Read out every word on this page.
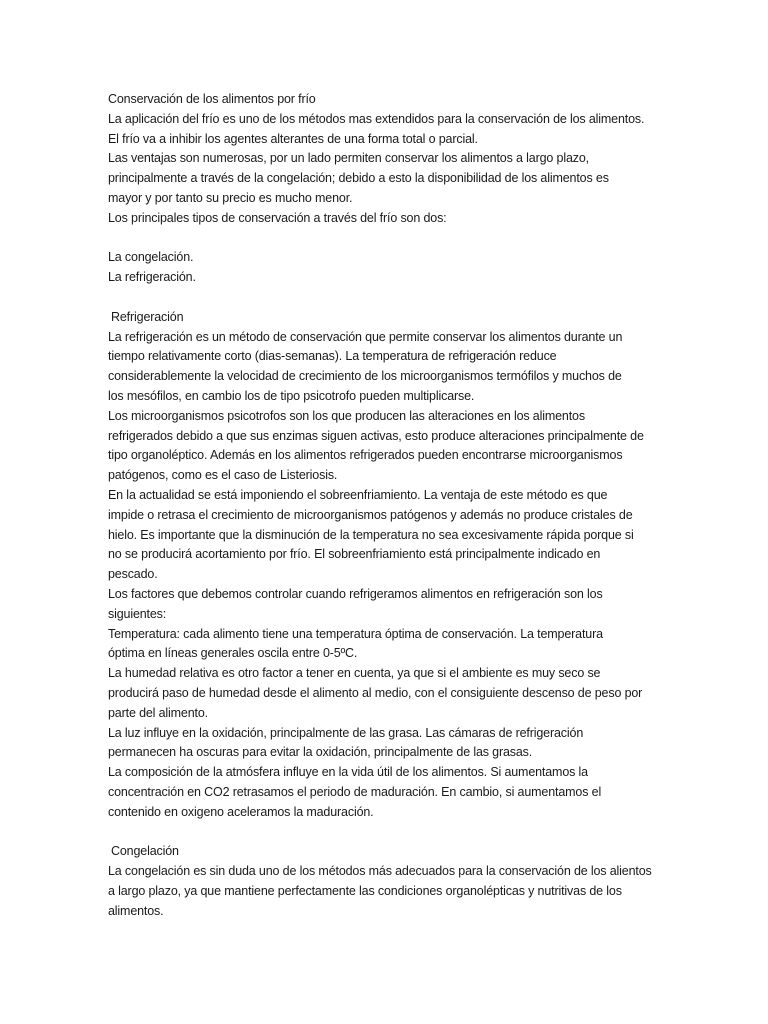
Conservación de los alimentos por frío
La aplicación del frío es uno de los métodos mas extendidos para la conservación de los alimentos.
El frío va a inhibir los agentes alterantes de una forma total o parcial.
Las ventajas son numerosas, por un lado permiten conservar los alimentos a largo plazo,
principalmente a través de la congelación; debido a esto la disponibilidad de los alimentos es
mayor y por tanto su precio es mucho menor.
Los principales tipos de conservación a través del frío son dos:
La congelación.
La refrigeración.
Refrigeración
La refrigeración es un método de conservación que permite conservar los alimentos durante un
tiempo relativamente corto (dias-semanas). La temperatura de refrigeración reduce
considerablemente la velocidad de crecimiento de los microorganismos termófilos y muchos de
los mesófilos, en cambio los de tipo psicotrofo pueden multiplicarse.
Los microorganismos psicotrofos son los que producen las alteraciones en los alimentos
refrigerados debido a que sus enzimas siguen activas, esto produce alteraciones principalmente de
tipo organoléptico. Además en los alimentos refrigerados pueden encontrarse microorganismos
patógenos, como es el caso de Listeriosis.
En la actualidad se está imponiendo el sobreenfriamiento. La ventaja de este método es que
impide o retrasa el crecimiento de microorganismos patógenos y además no produce cristales de
hielo. Es importante que la disminución de la temperatura no sea excesivamente rápida porque si
no se producirá acortamiento por frío. El sobreenfriamiento está principalmente indicado en
pescado.
Los factores que debemos controlar cuando refrigeramos alimentos en refrigeración son los
siguientes:
Temperatura: cada alimento tiene una temperatura óptima de conservación. La temperatura
óptima en líneas generales oscila entre 0-5ºC.
La humedad relativa es otro factor a tener en cuenta, ya que si el ambiente es muy seco se
producirá paso de humedad desde el alimento al medio, con el consiguiente descenso de peso por
parte del alimento.
La luz influye en la oxidación, principalmente de las grasa. Las cámaras de refrigeración
permanecen ha oscuras para evitar la oxidación, principalmente de las grasas.
La composición de la atmósfera influye en la vida útil de los alimentos. Si aumentamos la
concentración en CO2 retrasamos el periodo de maduración. En cambio, si aumentamos el
contenido en oxigeno aceleramos la maduración.
Congelación
La congelación es sin duda uno de los métodos más adecuados para la conservación de los alientos
a largo plazo, ya que mantiene perfectamente las condiciones organolépticas y nutritivas de los
alimentos.
